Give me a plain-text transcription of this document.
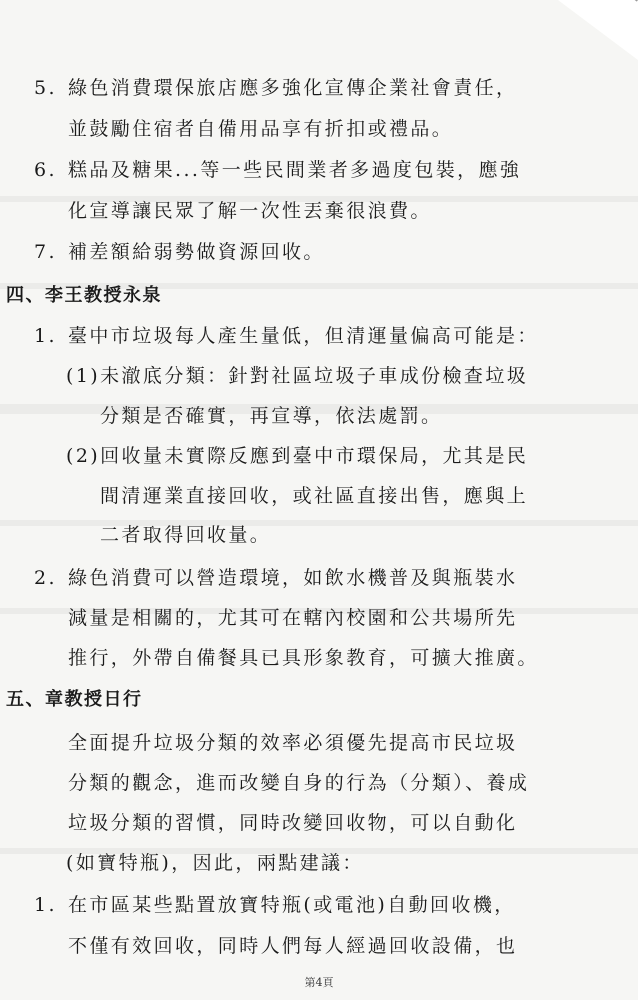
5. 綠色消費環保旅店應多強化宣傳企業社會責任，
並鼓勵住宿者自備用品享有折扣或禮品。
6. 糕品及糖果...等一些民間業者多過度包裝，應強
化宣導讓民眾了解一次性丟棄很浪費。
7. 補差額給弱勢做資源回收。
四、李王教授永泉
1. 臺中市垃圾每人產生量低，但清運量偏高可能是：
(1)未澈底分類：針對社區垃圾子車成份檢查垃圾
分類是否確實，再宣導，依法處罰。
(2)回收量未實際反應到臺中市環保局，尤其是民
間清運業直接回收，或社區直接出售，應與上
二者取得回收量。
2. 綠色消費可以營造環境，如飲水機普及與瓶裝水
減量是相關的，尤其可在轄內校園和公共場所先
推行，外帶自備餐具已具形象教育，可擴大推廣。
五、章教授日行
全面提升垃圾分類的效率必須優先提高市民垃圾
分類的觀念，進而改變自身的行為（分類）、養成
垃圾分類的習慣，同時改變回收物，可以自動化
(如寶特瓶)，因此，兩點建議：
1. 在市區某些點置放寶特瓶(或電池)自動回收機，
不僅有效回收，同時人們每人經過回收設備，也
第4頁
